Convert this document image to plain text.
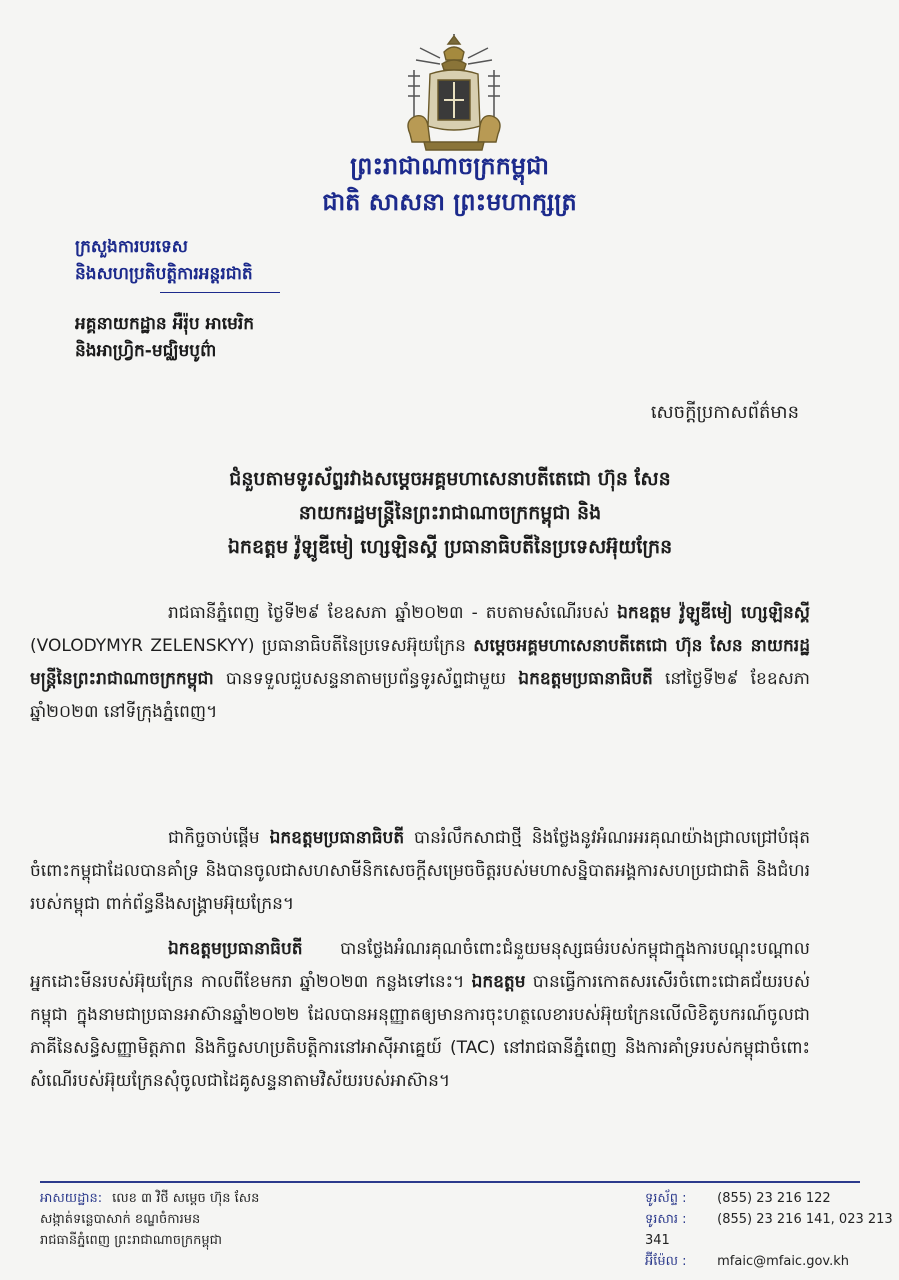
ព្រះរាជាណាចក្រកម្ពុជា
ជាតិ សាសនា ព្រះមហាក្សត្រ
ក្រសួងការបរទេស
និងសហប្រតិបត្តិការអន្តរជាតិ
អគ្គនាយកដ្ឋាន អឺរ៉ុប អាមេរិក
និងអាហ្វ្រិក-មជ្ឈិមបូព៌ា
សេចក្តីប្រកាសព័ត៌មាន
ជំនួបតាមទូរស័ព្ទរវាងសម្តេចអគ្គមហាសេនាបតីតេជោ ហ៊ុន សែន
នាយករដ្ឋមន្ត្រីនៃព្រះរាជាណាចក្រកម្ពុជា និង
ឯកឧត្តម វ៉ូឡូឌីមៀ ហ្សេឡិនស្គី ប្រធានាធិបតីនៃប្រទេសអ៊ុយក្រែន
រាជធានីភ្នំពេញ ថ្ងៃទី២៩ ខែឧសភា ឆ្នាំ២០២៣ - តបតាមសំណើរបស់ ឯកឧត្តម វ៉ូឡូឌីមៀ ហ្សេឡិនស្គី (VOLODYMYR ZELENSKYY) ប្រធានាធិបតីនៃប្រទេសអ៊ុយក្រែន សម្តេចអគ្គមហាសេនាបតីតេជោ ហ៊ុន សែន នាយករដ្ឋមន្ត្រីនៃព្រះរាជាណាចក្រកម្ពុជា បានទទួលជួបសន្ទនាតាមប្រព័ន្ធទូរស័ព្ទជាមួយ ឯកឧត្តមប្រធានាធិបតី នៅថ្ងៃទី២៩ ខែឧសភា ឆ្នាំ២០២៣ នៅទីក្រុងភ្នំពេញ។
ជាកិច្ចចាប់ផ្តើម ឯកឧត្តមប្រធានាធិបតី បានរំលឹកសាជាថ្មី និងថ្លែងនូវអំណរអរគុណយ៉ាងជ្រាលជ្រៅបំផុតចំពោះកម្ពុជាដែលបានគាំទ្រ និងបានចូលជាសហសាមីនិកសេចក្តីសម្រេចចិត្តរបស់មហាសន្និបាតអង្គការសហប្រជាជាតិ និងជំហររបស់កម្ពុជា ពាក់ព័ន្ធនឹងសង្គ្រាមអ៊ុយក្រែន។
ឯកឧត្តមប្រធានាធិបតី បានថ្លែងអំណរគុណចំពោះជំនួយមនុស្សធម៌របស់កម្ពុជាក្នុងការបណ្តុះបណ្តាល អ្នកដោះមីនរបស់អ៊ុយក្រែន កាលពីខែមករា ឆ្នាំ២០២៣ កន្លងទៅនេះ។ ឯកឧត្តម បានធ្វើការកោតសរសើរចំពោះជោគជ័យរបស់កម្ពុជា ក្នុងនាមជាប្រធានអាស៊ានឆ្នាំ២០២២ ដែលបានអនុញ្ញាតឲ្យមានការចុះហត្ថលេខារបស់អ៊ុយក្រែនលើលិខិតូបករណ៍ចូលជាភាគីនៃសន្ធិសញ្ញាមិត្តភាព និងកិច្ចសហប្រតិបត្តិការនៅអាស៊ីអាគ្នេយ៍ (TAC) នៅរាជធានីភ្នំពេញ និងការគាំទ្ររបស់កម្ពុជាចំពោះសំណើរបស់អ៊ុយក្រែនសុំចូលជាដៃគូសន្ទនាតាមវិស័យរបស់អាស៊ាន។
អាសយដ្ឋាន: លេខ ៣ វិថី សម្តេច ហ៊ុន សែន
សង្កាត់ទន្លេបាសាក់ ខណ្ឌចំការមន
រាជធានីភ្នំពេញ ព្រះរាជាណាចក្រកម្ពុជា
ទូរស័ព្ទ : (855) 23 216 122
ទូរសារ : (855) 23 216 141, 023 213 341
អ៊ីម៉ែល : mfaic@mfaic.gov.kh
